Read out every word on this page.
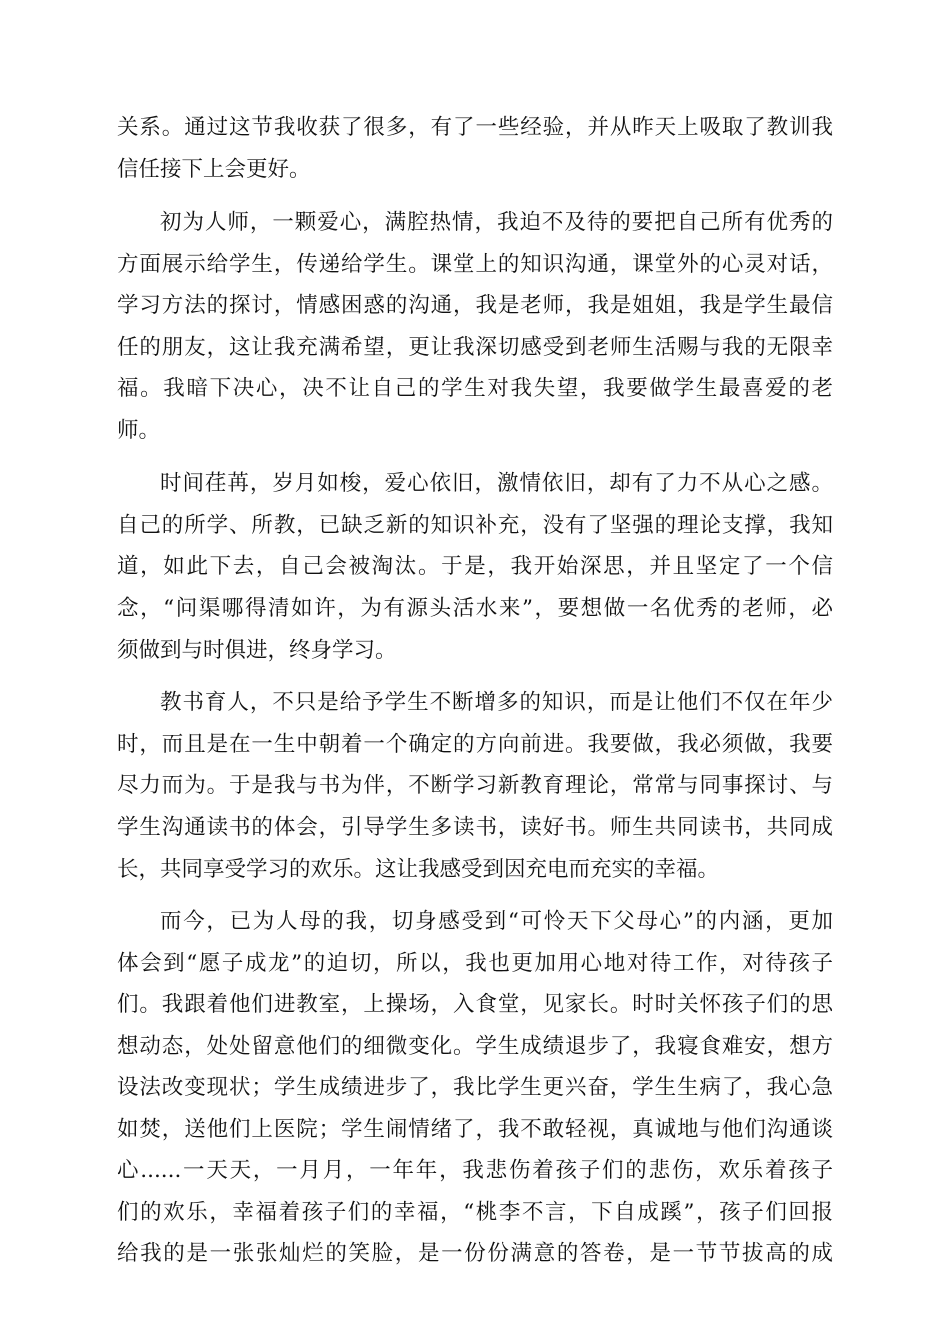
关系。通过这节我收获了很多，有了一些经验，并从昨天上吸取了教训我
信任接下上会更好。
初为人师，一颗爱心，满腔热情，我迫不及待的要把自己所有优秀的
方面展示给学生，传递给学生。课堂上的知识沟通，课堂外的心灵对话，
学习方法的探讨，情感困惑的沟通，我是老师，我是姐姐，我是学生最信
任的朋友，这让我充满希望，更让我深切感受到老师生活赐与我的无限幸
福。我暗下决心，决不让自己的学生对我失望，我要做学生最喜爱的老
师。
时间荏苒，岁月如梭，爱心依旧，激情依旧，却有了力不从心之感。
自己的所学、所教，已缺乏新的知识补充，没有了坚强的理论支撑，我知
道，如此下去，自己会被淘汰。于是，我开始深思，并且坚定了一个信
念，“问渠哪得清如许，为有源头活水来”，要想做一名优秀的老师，必
须做到与时俱进，终身学习。
教书育人，不只是给予学生不断增多的知识，而是让他们不仅在年少
时，而且是在一生中朝着一个确定的方向前进。我要做，我必须做，我要
尽力而为。于是我与书为伴，不断学习新教育理论，常常与同事探讨、与
学生沟通读书的体会，引导学生多读书，读好书。师生共同读书，共同成
长，共同享受学习的欢乐。这让我感受到因充电而充实的幸福。
而今，已为人母的我，切身感受到“可怜天下父母心”的内涵，更加
体会到“愿子成龙”的迫切，所以，我也更加用心地对待工作，对待孩子
们。我跟着他们进教室，上操场，入食堂，见家长。时时关怀孩子们的思
想动态，处处留意他们的细微变化。学生成绩退步了，我寝食难安，想方
设法改变现状；学生成绩进步了，我比学生更兴奋，学生生病了，我心急
如焚，送他们上医院；学生闹情绪了，我不敢轻视，真诚地与他们沟通谈
心......一天天，一月月，一年年，我悲伤着孩子们的悲伤，欢乐着孩子
们的欢乐，幸福着孩子们的幸福，“桃李不言，下自成蹊”，孩子们回报
给我的是一张张灿烂的笑脸，是一份份满意的答卷，是一节节拔高的成
